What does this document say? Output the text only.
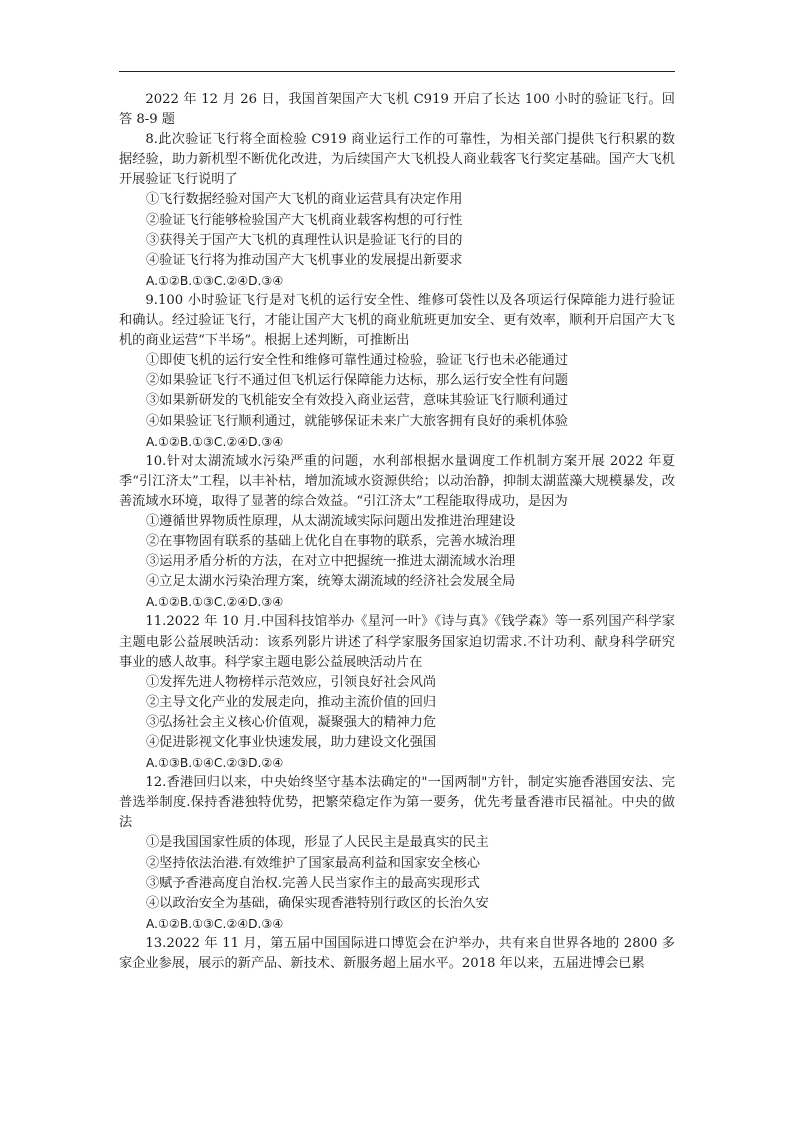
2022 年 12 月 26 日，我国首架国产大飞机 C919 开启了长达 100 小时的验证飞行。回答 8-9 题

8.此次验证飞行将全面检验 C919 商业运行工作的可靠性，为相关部门提供飞行积累的数据经验，助力新机型不断优化改进，为后续国产大飞机投人商业载客飞行奖定基础。国产大飞机开展验证飞行说明了

①飞行数据经验对国产大飞机的商业运营具有决定作用

②验证飞行能够检验国产大飞机商业载客构想的可行性

③获得关于国产大飞机的真理性认识是验证飞行的目的

④验证飞行将为推动国产大飞机事业的发展提出新要求

A.①②B.①③C.②④D.③④

9.100 小时验证飞行是对飞机的运行安全性、维修可袋性以及各项运行保障能力进行验证和确认。经过验证飞行，才能让国产大飞机的商业航班更加安全、更有效率，顺利开启国产大飞机的商业运营“下半场”。根据上述判断，可推断出

①即使飞机的运行安全性和维修可靠性通过检验，验证飞行也未必能通过

②如果验证飞行不通过但飞机运行保障能力达标，那么运行安全性有问题

③如果新研发的飞机能安全有效投入商业运营，意味其验证飞行顺利通过

④如果验证飞行顺利通过，就能够保证未来广大旅客拥有良好的乘机体验

A.①②B.①③C.②④D.③④

10.针对太湖流域水污染严重的问题，水利部根据水量调度工作机制方案开展 2022 年夏季“引江济太”工程，以丰补枯，增加流域水资源供给；以动治静，抑制太湖蓝藻大规模暴发，改善流域水环境，取得了显著的综合效益。“引江济太”工程能取得成功，是因为

①遵循世界物质性原理，从太湖流域实际问题出发推进治理建设

②在事物固有联系的基础上优化自在事物的联系，完善水城治理

③运用矛盾分析的方法，在对立中把握统一推进太湖流域水治理

④立足太湖水污染治理方案，统筹太湖流域的经济社会发展全局

A.①②B.①③C.②④D.③④

11.2022 年 10 月.中国科技馆举办《星河一叶》《诗与真》《钱学森》等一系列国产科学家主题电影公益展映活动：该系列影片讲述了科学家服务国家迫切需求.不计功利、献身科学研究事业的感人故事。科学家主题电影公益展映活动片在

①发挥先进人物榜样示范效应，引领良好社会风尚

②主导文化产业的发展走向，推动主流价值的回归

③弘扬社会主义核心价值观，凝聚强大的精神力危

④促进影视文化事业快速发展，助力建设文化强国

A.①③B.①④C.②③D.②④

12.香港回归以来，中央始终坚守基本法确定的"一国两制"方针，制定实施香港国安法、完普选举制度.保持香港独特优势，把繁荣稳定作为第一要务，优先考量香港市民福祉。中央的做法

①是我国国家性质的体现，形显了人民民主是最真实的民主

②坚持依法治港.有效维护了国家最高利益和国家安全核心

③赋予香港高度自治权.完善人民当家作主的最高实现形式

④以政治安全为基础，确保实现香港特别行政区的长治久安

A.①②B.①③C.②④D.③④

13.2022 年 11 月，第五届中国国际进口博览会在沪举办，共有来自世界各地的 2800 多家企业参展，展示的新产品、新技术、新服务超上届水平。2018 年以来，五届进博会已累
